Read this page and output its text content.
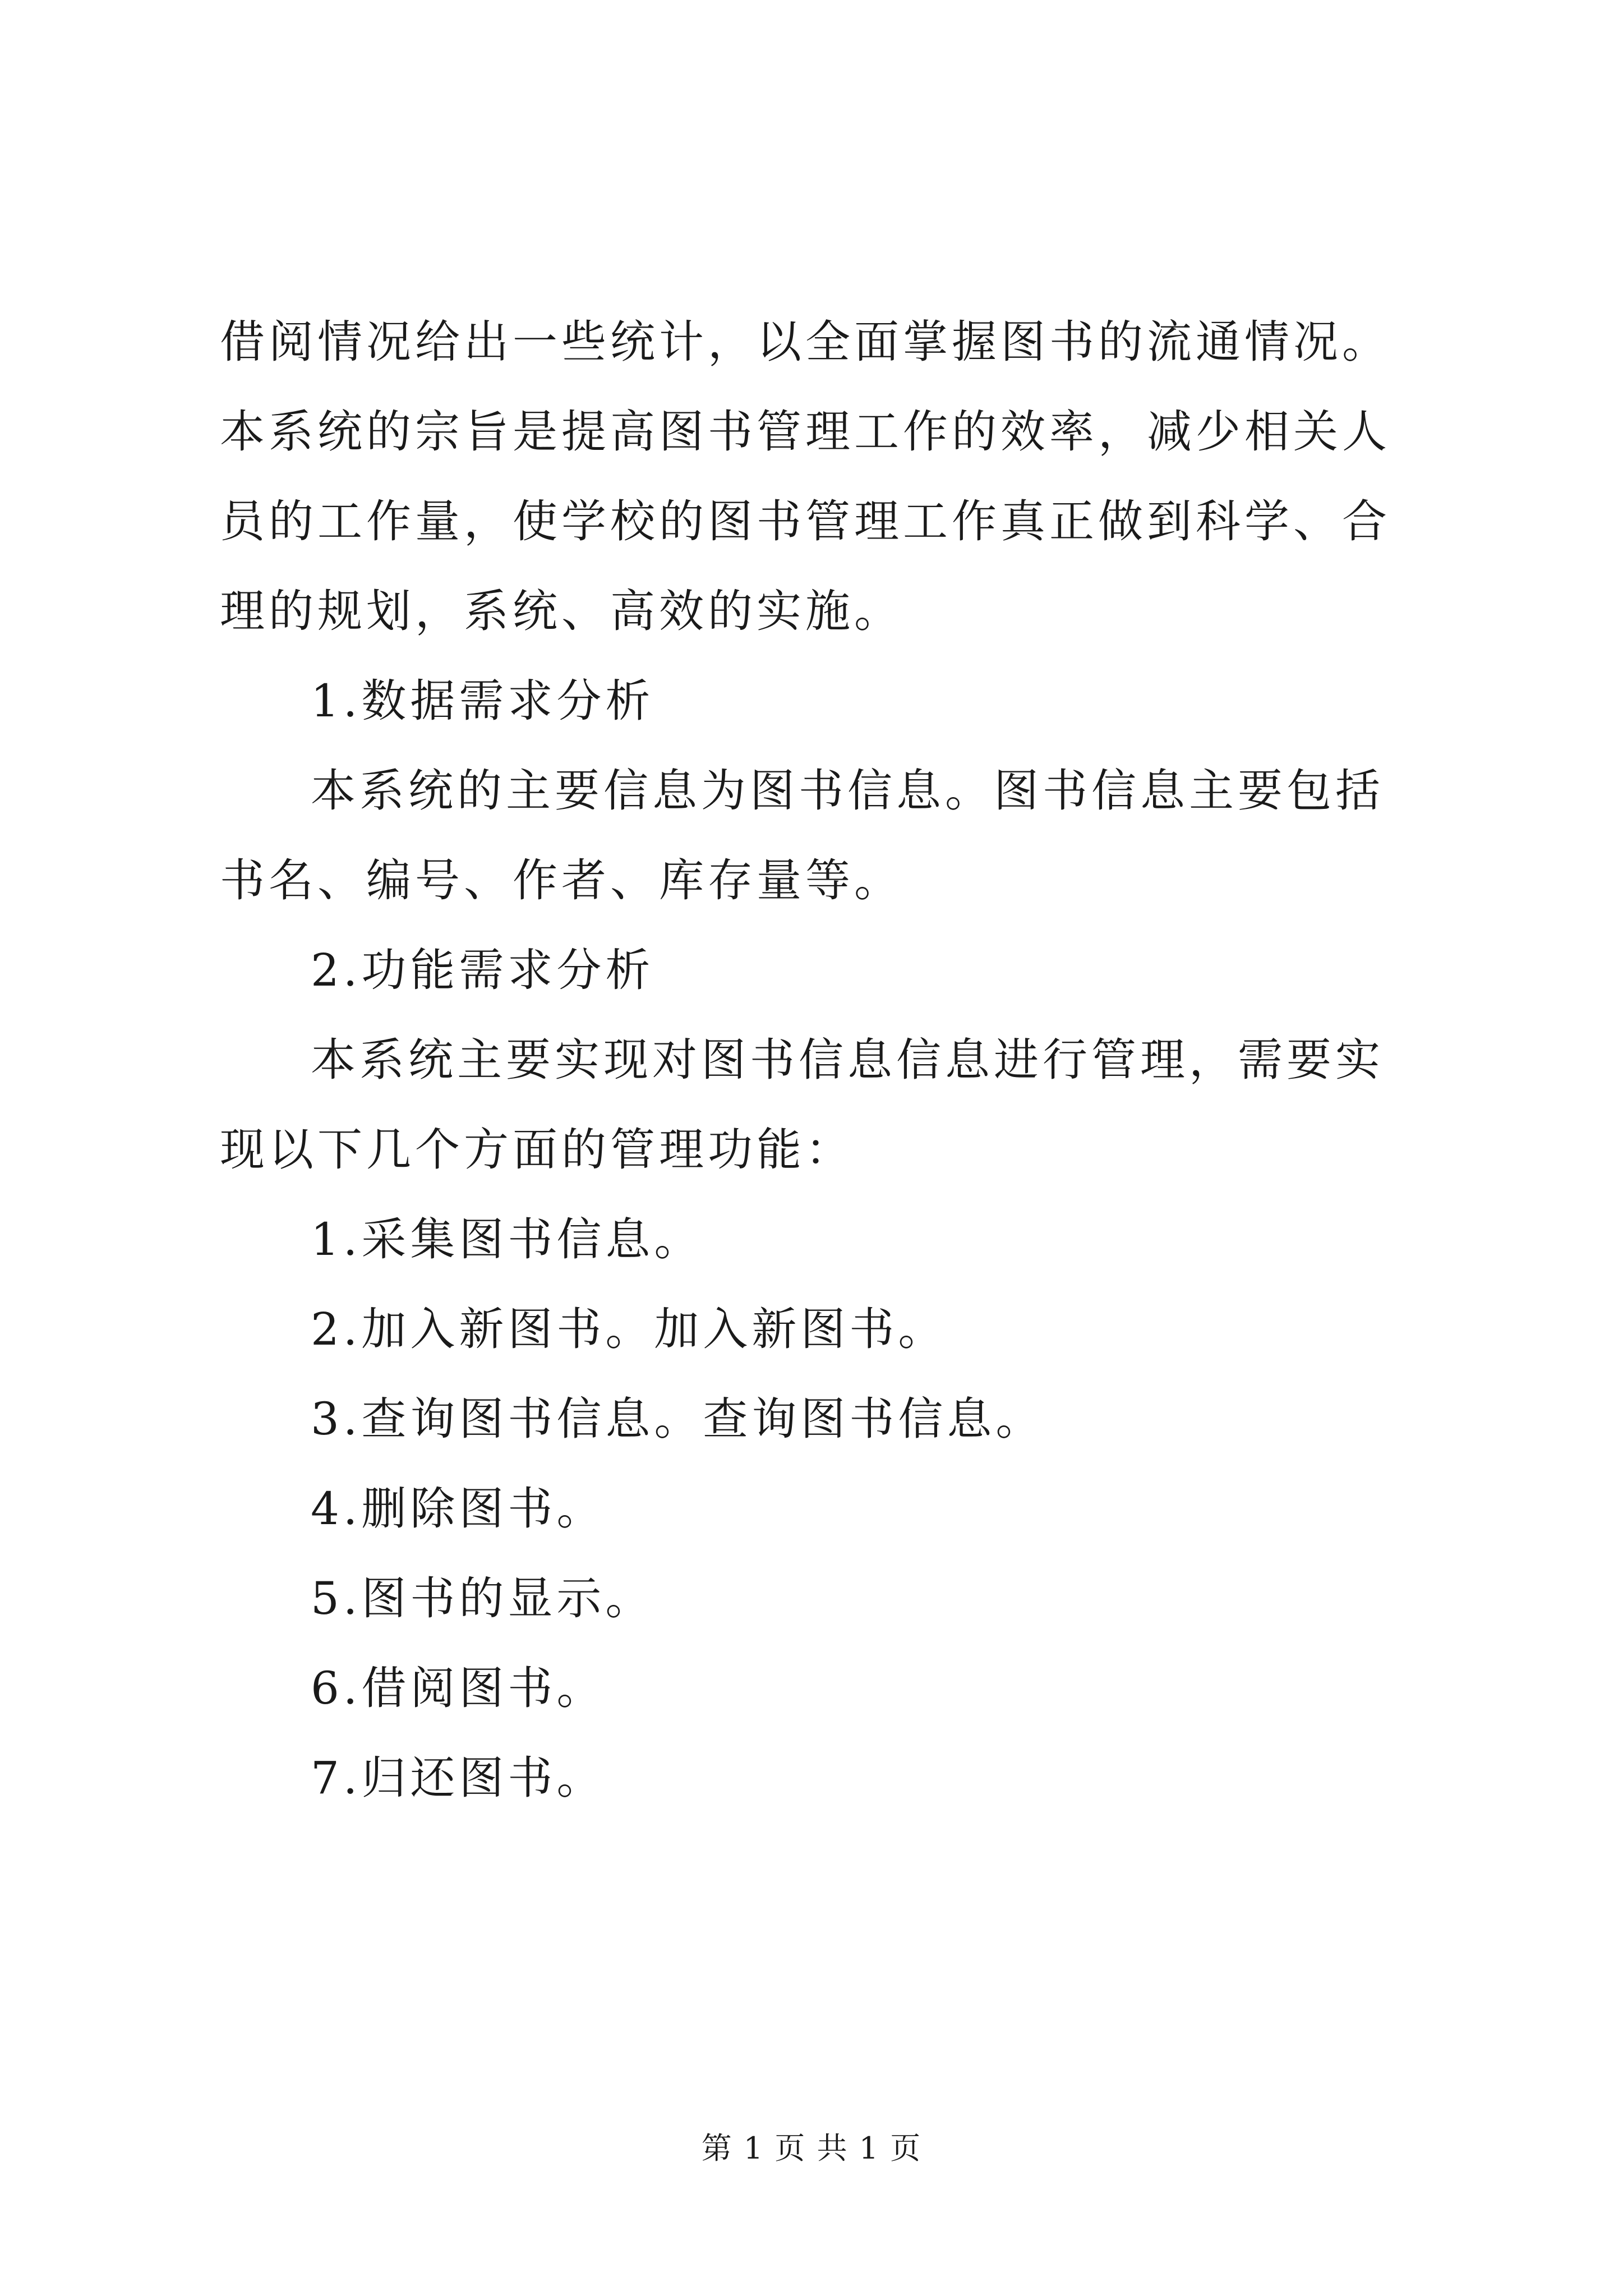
借阅情况给出一些统计，以全面掌握图书的流通情况。本系统的宗旨是提高图书管理工作的效率，减少相关人员的工作量，使学校的图书管理工作真正做到科学、合理的规划，系统、高效的实施。

1.数据需求分析

本系统的主要信息为图书信息。图书信息主要包括书名、编号、作者、库存量等。

2.功能需求分析

本系统主要实现对图书信息信息进行管理，需要实现以下几个方面的管理功能：

1.采集图书信息。

2.加入新图书。加入新图书。

3.查询图书信息。查询图书信息。

4.删除图书。

5.图书的显示。

6.借阅图书。

7.归还图书。

第 1 页 共 1 页
